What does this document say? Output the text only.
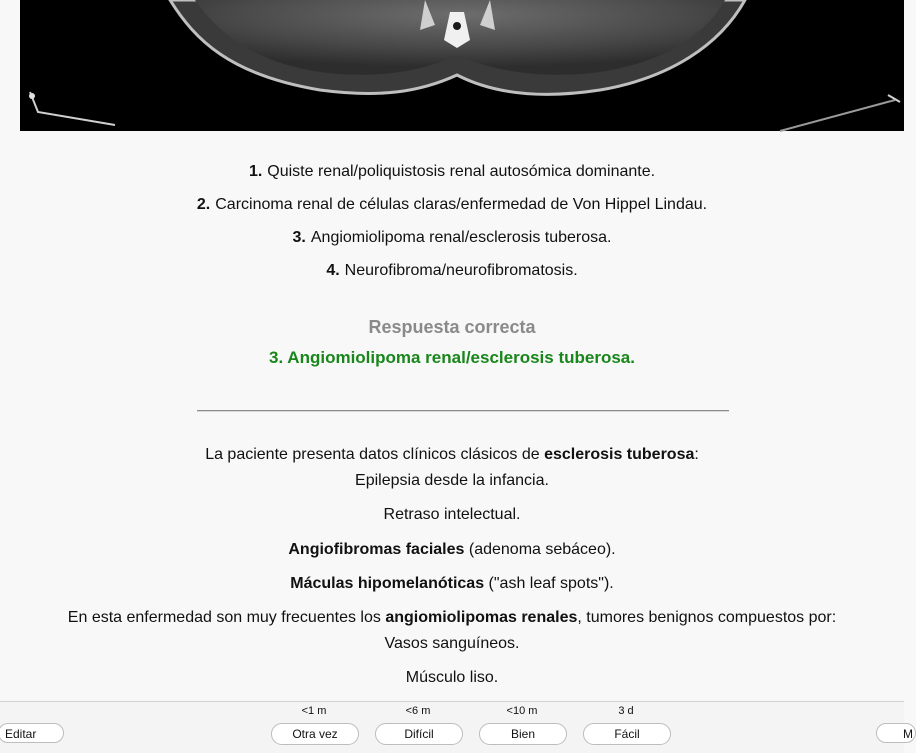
1. Quiste renal/poliquistosis renal autosómica dominante.
2. Carcinoma renal de células claras/enfermedad de Von Hippel Lindau.
3. Angiomiolipoma renal/esclerosis tuberosa.
4. Neurofibroma/neurofibromatosis.
Respuesta correcta
3. Angiomiolipoma renal/esclerosis tuberosa.
La paciente presenta datos clínicos clásicos de esclerosis tuberosa:
Epilepsia desde la infancia.
Retraso intelectual.
Angiofibromas faciales (adenoma sebáceo).
Máculas hipomelanóticas ("ash leaf spots").
En esta enfermedad son muy frecuentes los angiomiolipomas renales, tumores benignos compuestos por:
Vasos sanguíneos.
Músculo liso.
Editar
<1 m
Otra vez
<6 m
Difícil
<10 m
Bien
3 d
Fácil	M
